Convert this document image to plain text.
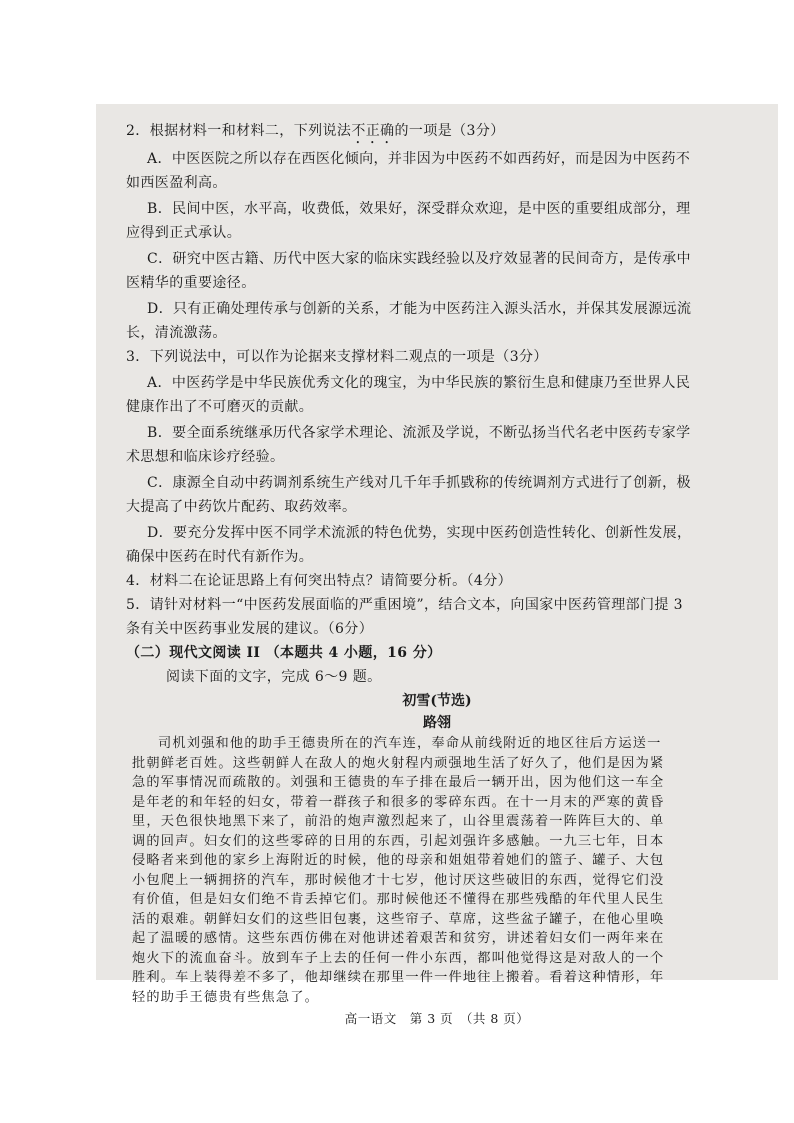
2．根据材料一和材料二，下列说法不正确的一项是（3分）
A．中医医院之所以存在西医化倾向，并非因为中医药不如西药好，而是因为中医药不
如西医盈利高。
B．民间中医，水平高，收费低，效果好，深受群众欢迎，是中医的重要组成部分，理
应得到正式承认。
C．研究中医古籍、历代中医大家的临床实践经验以及疗效显著的民间奇方，是传承中
医精华的重要途径。
D．只有正确处理传承与创新的关系，才能为中医药注入源头活水，并保其发展源远流
长，清流激荡。
3．下列说法中，可以作为论据来支撑材料二观点的一项是（3分）
A．中医药学是中华民族优秀文化的瑰宝，为中华民族的繁衍生息和健康乃至世界人民
健康作出了不可磨灭的贡献。
B．要全面系统继承历代各家学术理论、流派及学说，不断弘扬当代名老中医药专家学
术思想和临床诊疗经验。
C．康源全自动中药调剂系统生产线对几千年手抓戥称的传统调剂方式进行了创新，极
大提高了中药饮片配药、取药效率。
D．要充分发挥中医不同学术流派的特色优势，实现中医药创造性转化、创新性发展，
确保中医药在时代有新作为。
4．材料二在论证思路上有何突出特点？请简要分析。（4分）
5．请针对材料一“中医药发展面临的严重困境”，结合文本，向国家中医药管理部门提 3
条有关中医药事业发展的建议。（6分）
（二）现代文阅读 II （本题共 4 小题，16 分）
阅读下面的文字，完成 6～9 题。
初雪(节选)
路翎
司机刘强和他的助手王德贵所在的汽车连，奉命从前线附近的地区往后方运送一
批朝鲜老百姓。这些朝鲜人在敌人的炮火射程内顽强地生活了好久了，他们是因为紧
急的军事情况而疏散的。刘强和王德贵的车子排在最后一辆开出，因为他们这一车全
是年老的和年轻的妇女，带着一群孩子和很多的零碎东西。在十一月末的严寒的黄昏
里，天色很快地黑下来了，前沿的炮声激烈起来了，山谷里震荡着一阵阵巨大的、单
调的回声。妇女们的这些零碎的日用的东西，引起刘强许多感触。一九三七年，日本
侵略者来到他的家乡上海附近的时候，他的母亲和姐姐带着她们的篮子、罐子、大包
小包爬上一辆拥挤的汽车，那时候他才十七岁，他讨厌这些破旧的东西，觉得它们没
有价值，但是妇女们绝不肯丢掉它们。那时候他还不懂得在那些残酷的年代里人民生
活的艰难。朝鲜妇女们的这些旧包裹，这些帘子、草席，这些盆子罐子，在他心里唤
高一语文　第 3 页　（共 8 页）
起了温暖的感情。这些东西仿佛在对他讲述着艰苦和贫穷，讲述着妇女们一两年来在
炮火下的流血奋斗。放到车子上去的任何一件小东西，都叫他觉得这是对敌人的一个
胜利。车上装得差不多了，他却继续在那里一件一件地往上搬着。看着这种情形，年
轻的助手王德贵有些焦急了。
